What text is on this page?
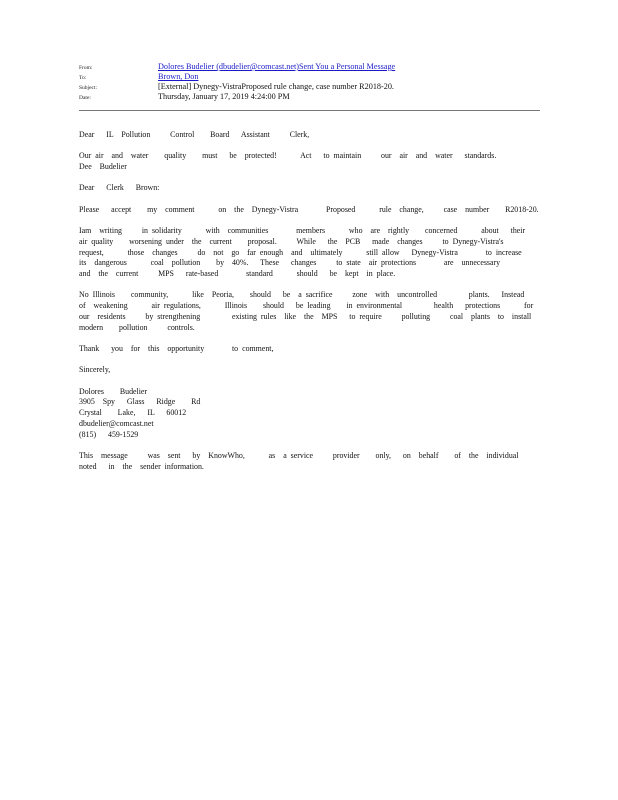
From:	Dolores Budelier (dbudelier@comcast.net)Sent You a Personal Message
To:	Brown, Don
Subject:	[External] Dynegy-VistraProposed rule change, case number R2018-20.
Date:	Thursday, January 17, 2019 4:24:00 PM

Dear   IL  Pollution     Control    Board   Assistant     Clerk,

Our air  and  water    quality    must   be  protected!      Act   to maintain     our  air  and  water   standards.

Dee  Budelier

Dear   Clerk   Brown:

Please   accept    my  comment      on  the  Dynegy-Vistra       Proposed      rule  change,     case  number    R2018-20.

Iam  writing     in solidarity      with  communities       members      who  are  rightly    concerned      about   their  air quality    worsening under  the  current    proposal.     While   the  PCB   made  changes     to Dynegy-Vistra's         request,      those  changes     do  not  go  far enough  and  ultimately      still allow   Dynegy-Vistra       to increase     its  dangerous      coal  pollution    by  40%.   These   changes     to state  air protections       are  unnecessary        and  the  current     MPS   rate-based       standard      should   be  kept  in place.

No Illinois    community,      like  Peoria,    should   be  a sacrifice     zone  with  uncontrolled        plants.   Instead    of  weakening      air regulations,      Illinois    should   be leading    in environmental        health   protections      for our  residents     by strengthening        existing rules  like  the  MPS   to require     polluting     coal  plants  to  install   modern    pollution     controls.

Thank   you  for  this  opportunity       to comment,

Sincerely,

Dolores    Budelier

3905  Spy   Glass   Ridge    Rd

Crystal    Lake,   IL   60012

dbudelier@comcast.net

(815)   459-1529

This  message     was  sent   by  KnowWho,      as  a service     provider    only,   on  behalf    of  the  individual      noted   in  the  sender information.
